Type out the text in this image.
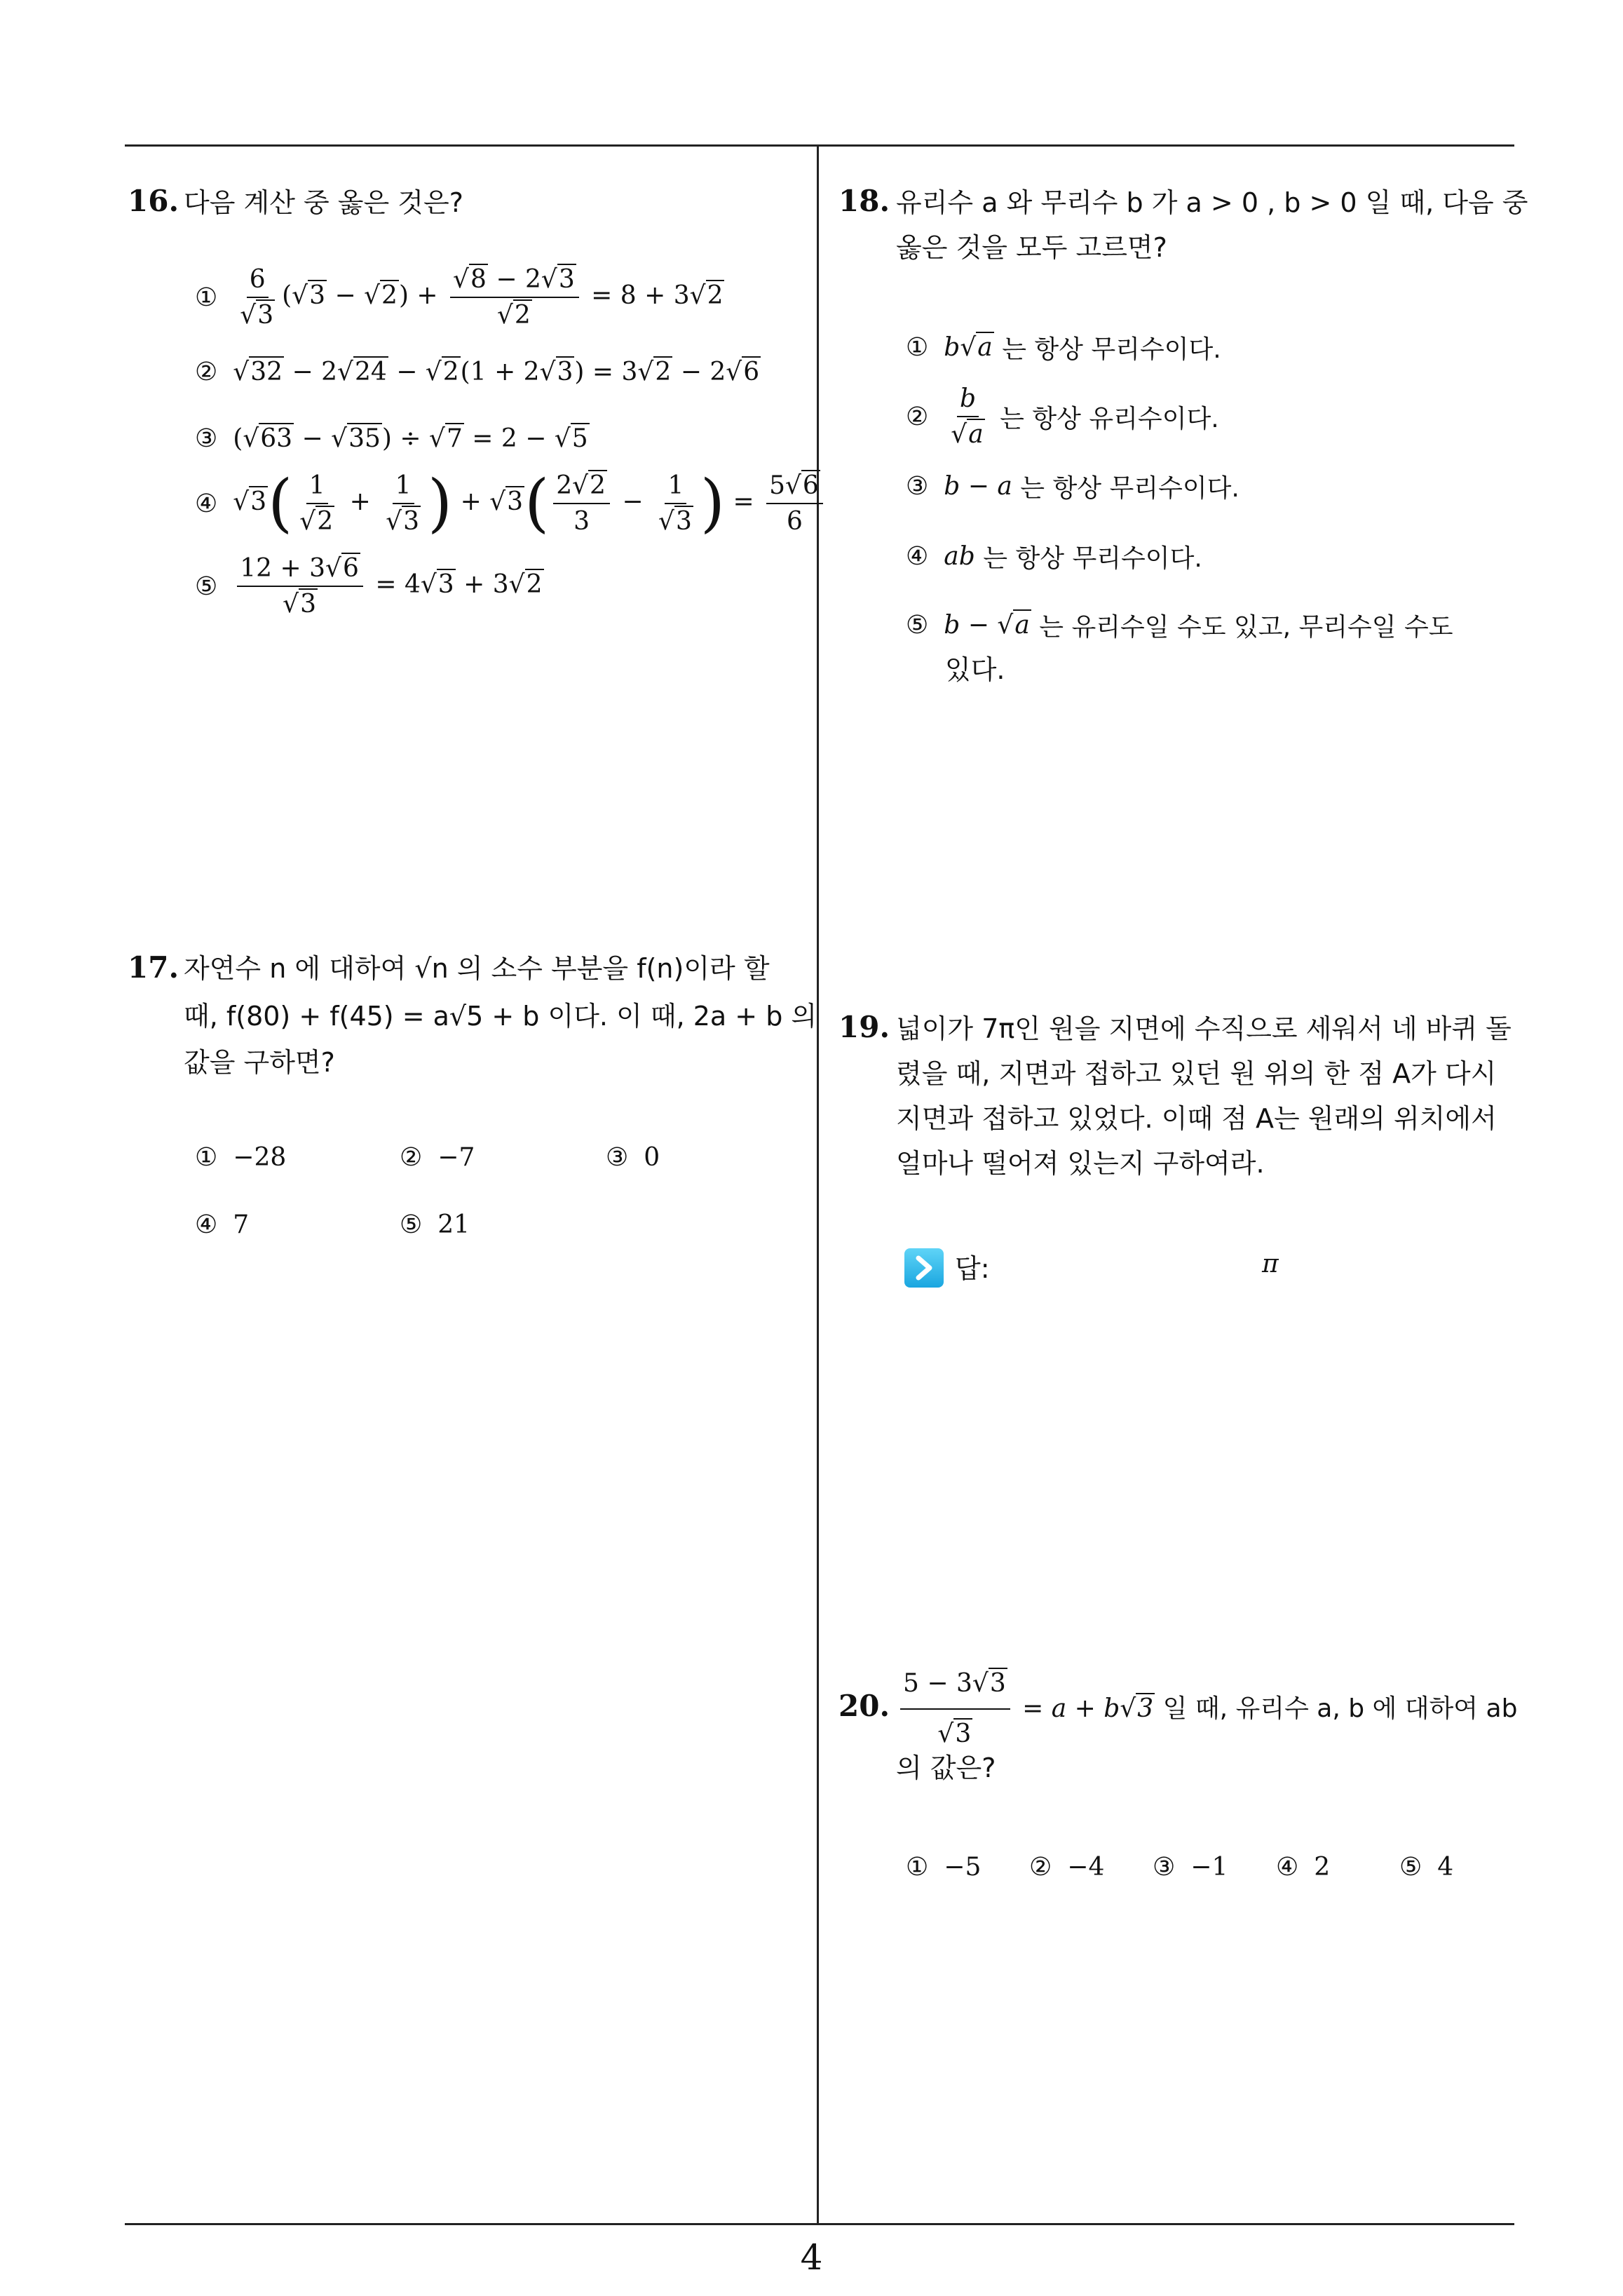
16. 다음 계산 중 옳은 것은?
① $\frac{6}{√3} (√3 - √2) + \frac{√8 - 2√3}{√2} = 8 + 3√2$
② √32 − 2√24 − √2(1 + 2√3) = 3√2 − 2√6
③ (√63 − √35) ÷ √7 = 2 − √5
④ $√3( \frac{1}{√2} + \frac{1}{√3}$ ) + $√3( \frac{2√2}{3} - \frac{1}{√3}$ ) = $\frac{5√6}{6}$
⑤ $\frac{12 + 3√6}{√3} = 4√3 + 3√2$
17. 자연수 n 에 대하여 √n 의 소수 부분을 f(n)이라 할
때, f(80) + f(45) = a√5 + b 이다. 이 때, 2a + b 의
값을 구하면?
① −28	② −7	③ 0
④ 7	⑤ 21
18. 유리수 a 와 무리수 b 가 a > 0 , b > 0 일 때, 다음 중
옳은 것을 모두 고르면?
① b√a
는 항상 무리수이다.
② $\frac{b}{√a}$
는 항상 유리수이다.
③ b − a
는 항상 무리수이다.
④ ab
는 항상 무리수이다.
⑤ b − √a
는 유리수일 수도 있고, 무리수일 수도
있다.
19. 넓이가 7π인 원을 지면에 수직으로 세워서 네 바퀴 돌
렸을 때, 지면과 접하고 있던 원 위의 한 점 A가 다시
지면과 접하고 있었다. 이때 점 A는 원래의 위치에서
얼마나 떨어져 있는지 구하여라.
답:	π
20. $\frac{5 - 3√3}{√3} = a + b√3$ 일 때, 유리수 a, b 에 대하여 ab
의 값은?
① −5 ② −4 ③ −1 ④ 2	⑤ 4
4
